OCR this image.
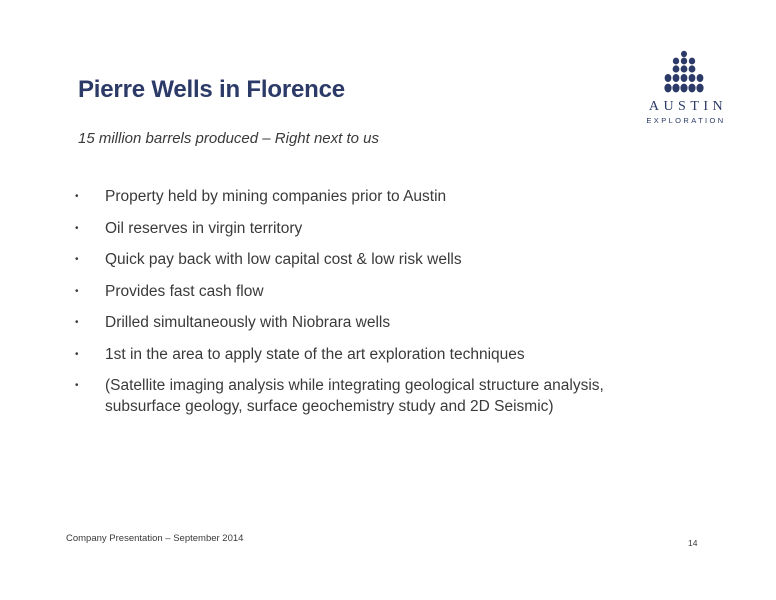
Pierre Wells in Florence
15 million barrels produced – Right next to us
• Property held by mining companies prior to Austin
• Oil reserves in virgin territory
• Quick pay back with low capital cost & low risk wells
• Provides fast cash flow
• Drilled simultaneously with Niobrara wells
• 1st in the area to apply state of the art exploration techniques
• (Satellite imaging analysis while integrating geological structure analysis, subsurface geology, surface geochemistry study and 2D Seismic)
AUSTIN
EXPLORATION
Company Presentation – September 2014	14
